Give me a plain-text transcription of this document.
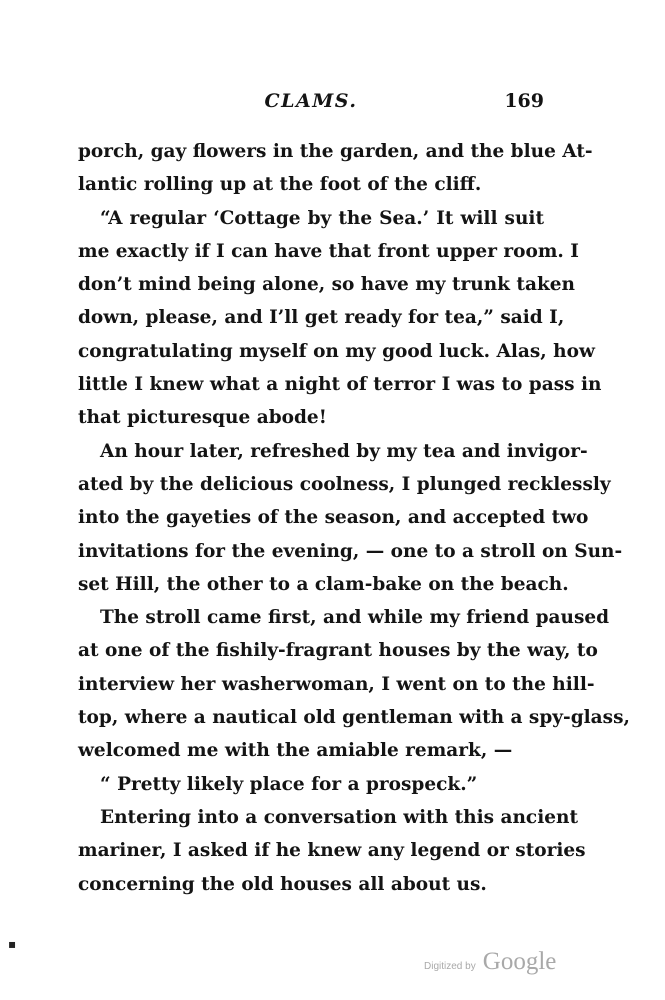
CLAMS.	169
porch, gay flowers in the garden, and the blue At-
lantic rolling up at the foot of the cliff.
“A regular ‘Cottage by the Sea.’ It will suit
me exactly if I can have that front upper room. I
don’t mind being alone, so have my trunk taken
down, please, and I’ll get ready for tea,” said I,
congratulating myself on my good luck. Alas, how
little I knew what a night of terror I was to pass in
that picturesque abode!
An hour later, refreshed by my tea and invigor-
ated by the delicious coolness, I plunged recklessly
into the gayeties of the season, and accepted two
invitations for the evening, — one to a stroll on Sun-
set Hill, the other to a clam-bake on the beach.
The stroll came first, and while my friend paused
at one of the fishily-fragrant houses by the way, to
interview her washerwoman, I went on to the hill-
top, where a nautical old gentleman with a spy-glass,
welcomed me with the amiable remark, —
“ Pretty likely place for a prospeck.”
Entering into a conversation with this ancient
mariner, I asked if he knew any legend or stories
concerning the old houses all about us.
▪
Digitized by Google
